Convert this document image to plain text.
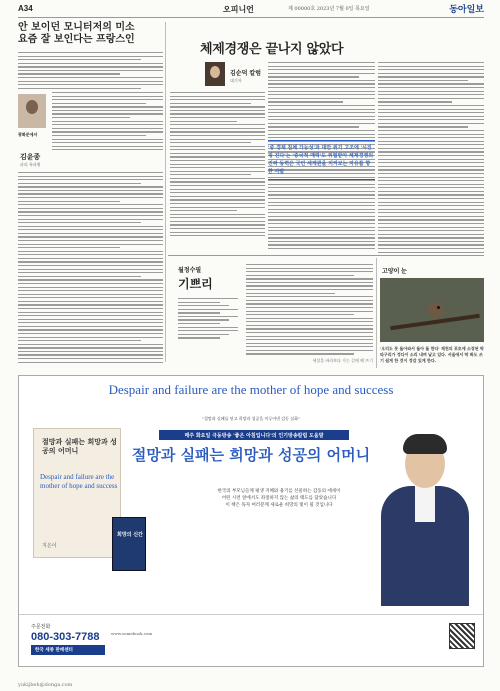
A34	오피니언	제 00000호 2023년 7월 0일 목요일	동아일보
안 보이던 모니터저의 미소
요즘 잘 보인다는 프랑스인
광화문에서
김윤종
파리 특파원
체제경쟁은 끝나지 않았다
김순덕 칼럼
대기자
'중 경제 침체 가능성'과 대만 위기 고조에 '시진핑 진다'는 '중국적 매력'도 위협받아 체제경쟁의 진짜 동력은 국민 세계관을 지켜보는 자유를 향한 사람
월정수필
기쁘리
세상을 바라보다 가는 길에 해 뜨기
고양이 눈
'오리도 못 돌아와서 돌아 돌 한다' 제천의 포토에 소장된 딱따구리가 정다이 소리 내며 날고 있다. 서울에서 딱 봐도 쓰기 쉽게 한 것이 정감 있게 한다.
Despair and failure are the mother of hope and success
"절망과 실패를 딛고 희망과 성공을 이루어낸 감동 실화"
절망과 실패는 희망과 성공의 어머니
Despair and failure are the mother of hope and success
지은이
희망의 신간
매주 화요일 극동방송 '좋은 아침입니다'의 인기방송칼럼 도움말
절망과 실패는 희망과 성공의 어머니
한국의 부모님들께 평생 지혜와 용기를 선물하는 감동의 에세이
어떤 시련 앞에서도 좌절하지 않는 삶의 태도를 담았습니다
이 책은 독자 여러분께 새로운 희망의 빛이 될 것입니다
주문전화
080-303-7788
한국 세종 판매센터
www.somebook.com
yukijbeh@donga.com
